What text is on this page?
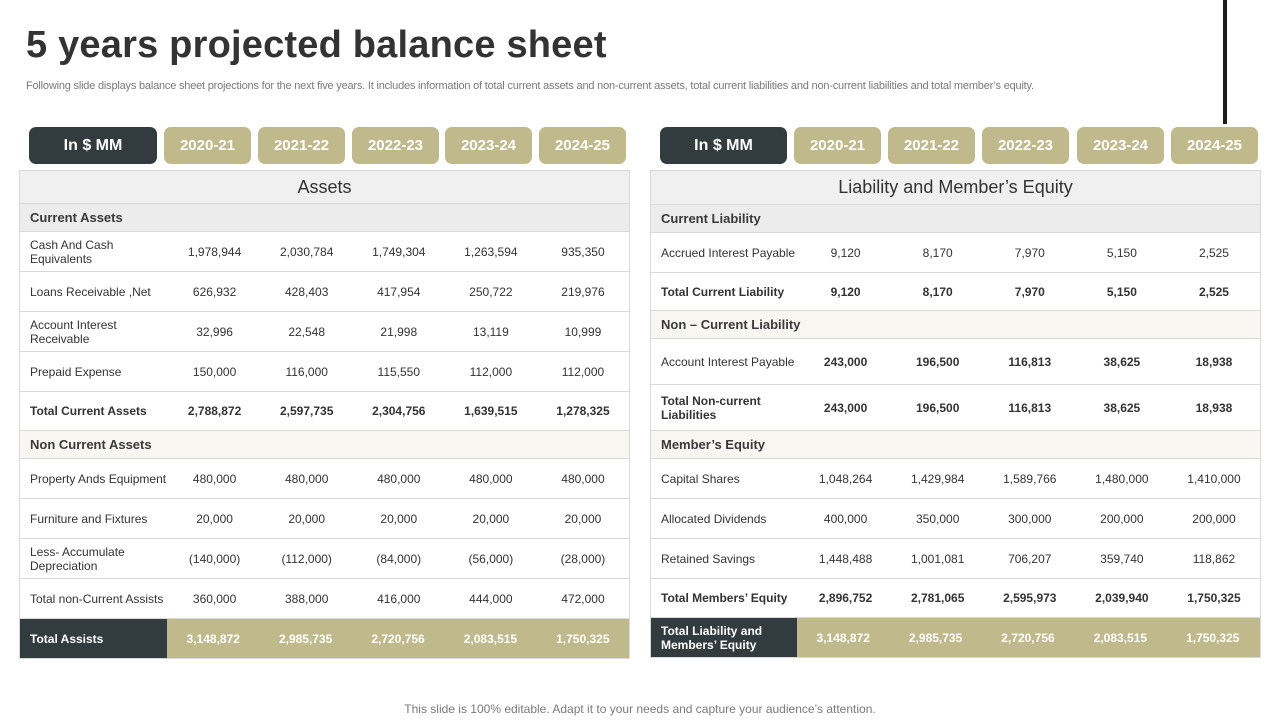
5 years projected balance sheet
Following slide displays balance sheet projections for the next five years. It includes information of total current assets and non-current assets, total current liabilities and non-current liabilities and total member’s equity.
In $ MM	2020-21	2021-22	2022-23	2023-24	2024-25
Assets
Current Assets
Cash And Cash Equivalents	1,978,944	2,030,784	1,749,304	1,263,594	935,350
Loans Receivable ,Net	626,932	428,403	417,954	250,722	219,976
Account Interest Receivable	32,996	22,548	21,998	13,119	10,999
Prepaid Expense	150,000	116,000	115,550	112,000	112,000
Total Current Assets	2,788,872	2,597,735	2,304,756	1,639,515	1,278,325
Non Current Assets
Property Ands Equipment	480,000	480,000	480,000	480,000	480,000
Furniture and Fixtures	20,000	20,000	20,000	20,000	20,000
Less- Accumulate Depreciation	(140,000)	(112,000)	(84,000)	(56,000)	(28,000)
Total non-Current Assists	360,000	388,000	416,000	444,000	472,000
Total Assists	3,148,872	2,985,735	2,720,756	2,083,515	1,750,325
In $ MM	2020-21	2021-22	2022-23	2023-24	2024-25
Liability and Member’s Equity
Current Liability
Accrued Interest Payable	9,120	8,170	7,970	5,150	2,525
Total Current Liability	9,120	8,170	7,970	5,150	2,525
Non – Current Liability
Account Interest Payable	243,000	196,500	116,813	38,625	18,938
Total Non-current Liabilities	243,000	196,500	116,813	38,625	18,938
Member’s Equity
Capital Shares	1,048,264	1,429,984	1,589,766	1,480,000	1,410,000
Allocated Dividends	400,000	350,000	300,000	200,000	200,000
Retained Savings	1,448,488	1,001,081	706,207	359,740	118,862
Total Members’ Equity	2,896,752	2,781,065	2,595,973	2,039,940	1,750,325
Total Liability and Members’ Equity	3,148,872	2,985,735	2,720,756	2,083,515	1,750,325
This slide is 100% editable. Adapt it to your needs and capture your audience’s attention.
